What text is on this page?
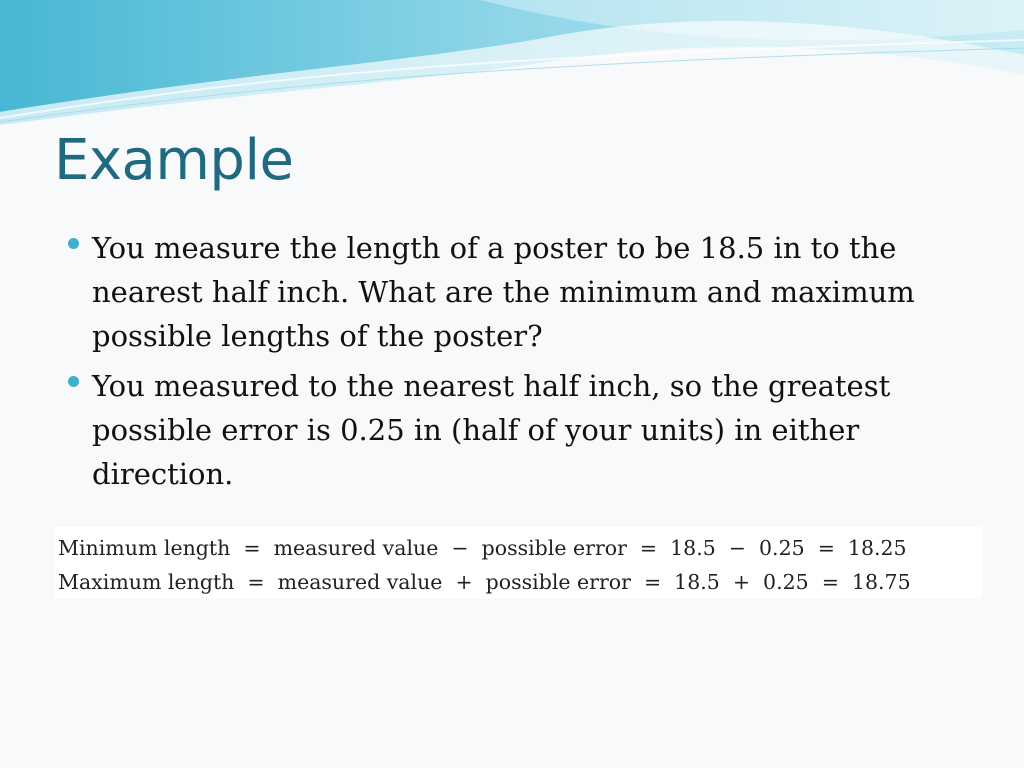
Example
You measure the length of a poster to be 18.5 in to the nearest half inch. What are the minimum and maximum possible lengths of the poster?
You measured to the nearest half inch, so the greatest possible error is 0.25 in (half of your units) in either direction.
Minimum length  =  measured value  −  possible error  =  18.5  −  0.25  =  18.25
Maximum length  =  measured value  +  possible error  =  18.5  +  0.25  =  18.75
